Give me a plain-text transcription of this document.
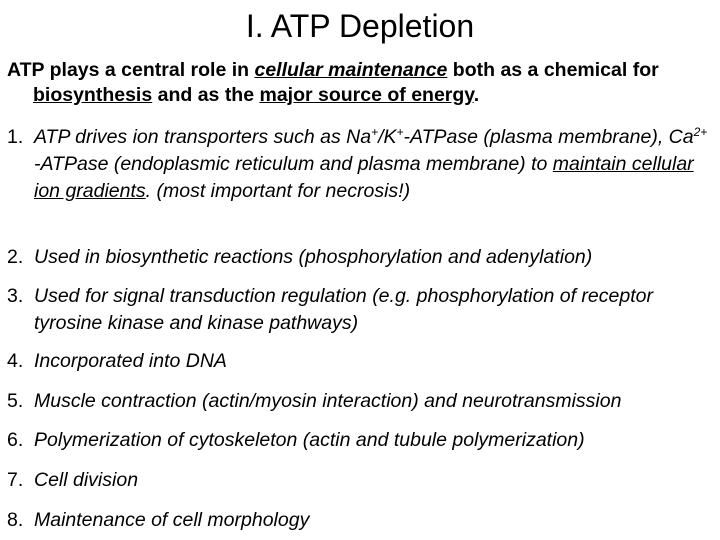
I. ATP Depletion

ATP plays a central role in cellular maintenance both as a chemical for biosynthesis and as the major source of energy.

1. ATP drives ion transporters such as Na+/K+-ATPase (plasma membrane), $Ca^{2+}$ -ATPase (endoplasmic reticulum and plasma membrane) to maintain cellular ion gradients. (most important for necrosis!)
2. Used in biosynthetic reactions (phosphorylation and adenylation)
3. Used for signal transduction regulation (e.g. phosphorylation of receptor tyrosine kinase and kinase pathways)
4. Incorporated into DNA
5. Muscle contraction (actin/myosin interaction) and neurotransmission
6. Polymerization of cytoskeleton (actin and tubule polymerization)
7. Cell division
8. Maintenance of cell morphology
